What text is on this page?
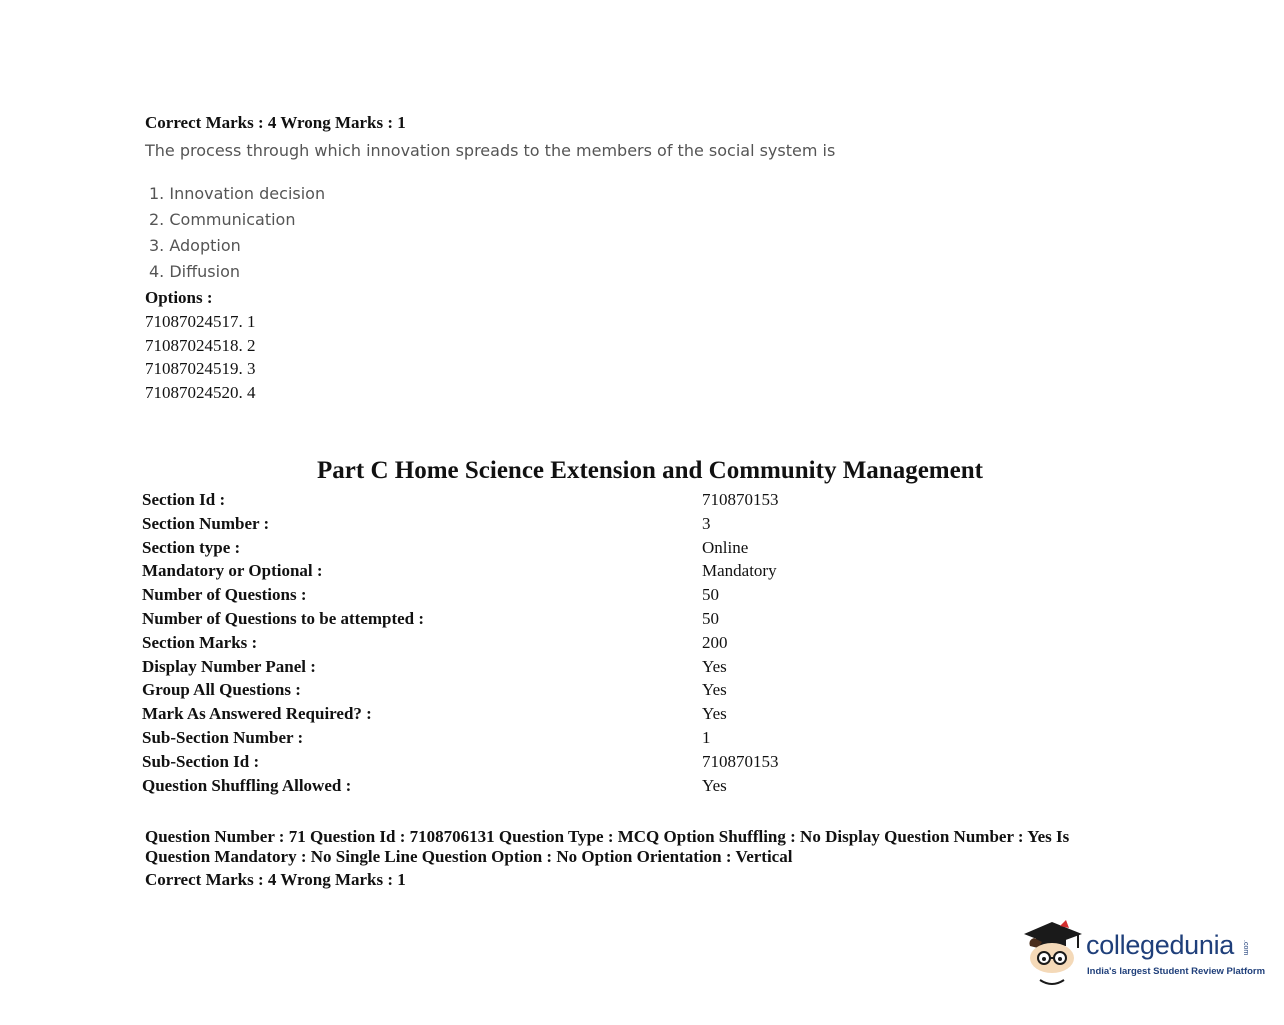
Correct Marks : 4 Wrong Marks : 1
The process through which innovation spreads to the members of the social system is
1. Innovation decision
2. Communication
3. Adoption
4. Diffusion
Options :
71087024517. 1
71087024518. 2
71087024519. 3
71087024520. 4
Part C Home Science Extension and Community Management
Section Id :	710870153
Section Number :	3
Section type :	Online
Mandatory or Optional :	Mandatory
Number of Questions :	50
Number of Questions to be attempted :	50
Section Marks :	200
Display Number Panel :	Yes
Group All Questions :	Yes
Mark As Answered Required? :	Yes
Sub-Section Number :	1
Sub-Section Id :	710870153
Question Shuffling Allowed :	Yes
Question Number : 71 Question Id : 7108706131 Question Type : MCQ Option Shuffling : No Display Question Number : Yes Is Question Mandatory : No Single Line Question Option : No Option Orientation : Vertical
Correct Marks : 4 Wrong Marks : 1
collegedunia .com
India's largest Student Review Platform
